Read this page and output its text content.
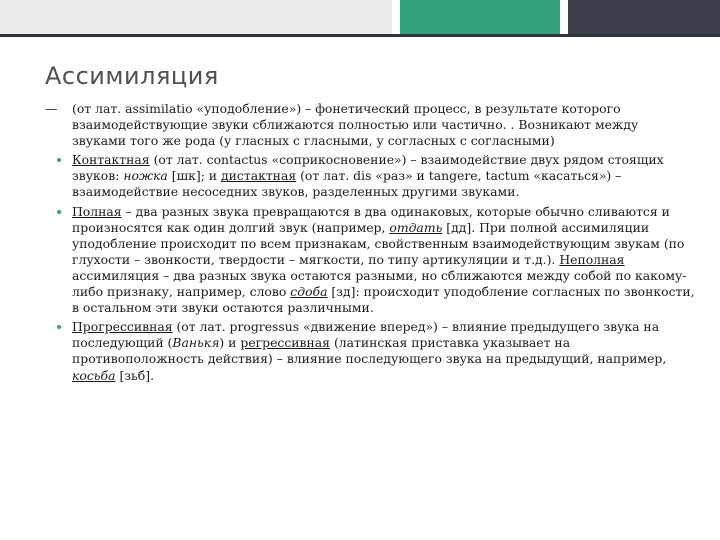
Ассимиляция

— (от лат. assimilatio «уподобление») – фонетический процесс, в результате которого взаимодействующие звуки сближаются полностью или частично. . Возникают между звуками того же рода (у гласных с гласными, у согласных с согласными)

Контактная (от лат. contactus «соприкосновение») – взаимодействие двух рядом стоящих звуков: ножка [шк]; и дистактная (от лат. dis «раз» и tangere, tactum «касаться») – взаимодействие несоседних звуков, разделенных другими звуками.

Полная – два разных звука превращаются в два одинаковых, которые обычно сливаются и произносятся как один долгий звук (например, отдать [дд]. При полной ассимиляции уподобление происходит по всем признакам, свойственным взаимодействующим звукам (по глухости – звонкости, твердости – мягкости, по типу артикуляции и т.д.). Неполная ассимиляция – два разных звука остаются разными, но сближаются между собой по какому-либо признаку, например, слово сдоба [зд]: происходит уподобление согласных по звонкости, в остальном эти звуки остаются различными.

Прогрессивная (от лат. progressus «движение вперед») – влияние предыдущего звука на последующий (Ванькя) и регрессивная (латинская приставка указывает на противоположность действия) – влияние последующего звука на предыдущий, например, косьба [зьб].
